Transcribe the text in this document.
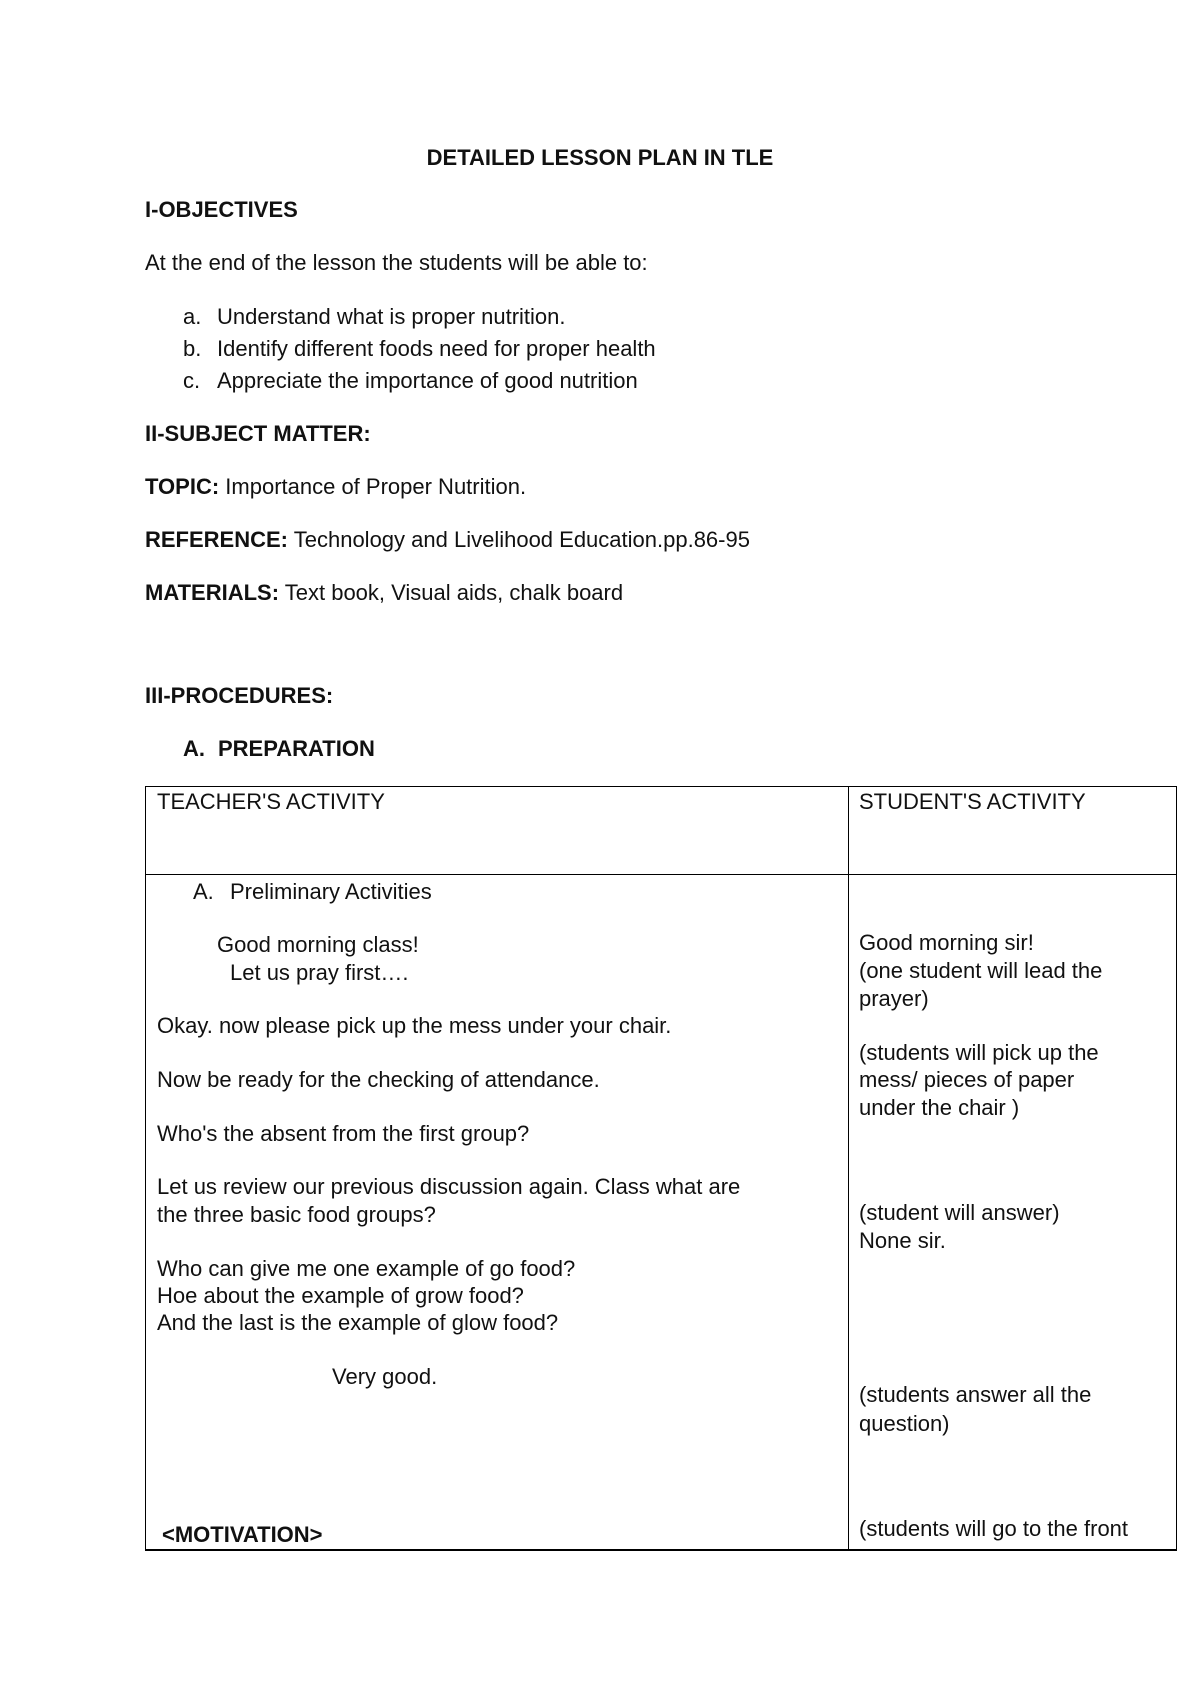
DETAILED LESSON PLAN IN TLE
I-OBJECTIVES
At the end of the lesson the students will be able to:
a. Understand what is proper nutrition.
b. Identify different foods need for proper health
c. Appreciate the importance of good nutrition
II-SUBJECT MATTER:
TOPIC: Importance of Proper Nutrition.
REFERENCE: Technology and Livelihood Education.pp.86-95
MATERIALS: Text book, Visual aids, chalk board
III-PROCEDURES:
A. PREPARATION
TEACHER'S ACTIVITY	STUDENT'S ACTIVITY
A. Preliminary Activities
Good morning class!
Let us pray first….
Okay. now please pick up the mess under your chair.
Now be ready for the checking of attendance.
Who's the absent from the first group?
Let us review our previous discussion again. Class what are
the three basic food groups?
Who can give me one example of go food?
Hoe about the example of grow food?
And the last is the example of glow food?
Very good.
<MOTIVATION>
Good morning sir!
(one student will lead the
prayer)
(students will pick up the
mess/ pieces of paper
under the chair )
(student will answer)
None sir.
(students answer all the
question)
(students will go to the front
